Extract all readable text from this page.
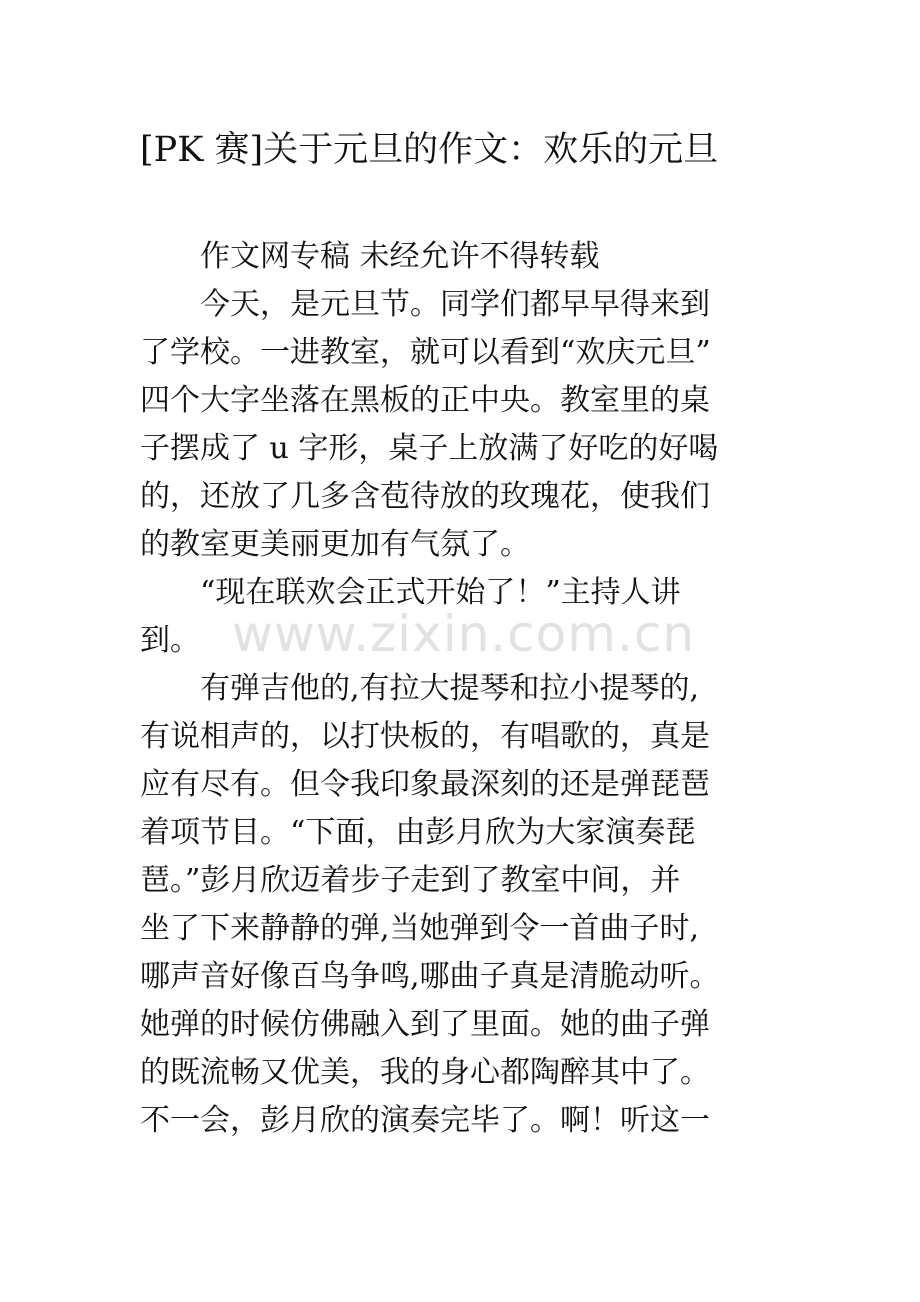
[PK 赛]关于元旦的作文：欢乐的元旦
www.zixin.com.cn

　　作文网专稿 未经允许不得转载

　　今天，是元旦节。同学们都早早得来到

了学校。一进教室，就可以看到“欢庆元旦”

四个大字坐落在黑板的正中央。教室里的桌

子摆成了 u 字形，桌子上放满了好吃的好喝

的，还放了几多含苞待放的玫瑰花，使我们

的教室更美丽更加有气氛了。

　　“现在联欢会正式开始了！”主持人讲

到。

　　有弹吉他的,有拉大提琴和拉小提琴的,

有说相声的，以打快板的，有唱歌的，真是

应有尽有。但令我印象最深刻的还是弹琵琶

着项节目。“下面，由彭月欣为大家演奏琵

琶。”彭月欣迈着步子走到了教室中间，并

坐了下来静静的弹,当她弹到令一首曲子时,

哪声音好像百鸟争鸣,哪曲子真是清脆动听。

她弹的时候仿佛融入到了里面。她的曲子弹

的既流畅又优美，我的身心都陶醉其中了。

不一会，彭月欣的演奏完毕了。啊！听这一
